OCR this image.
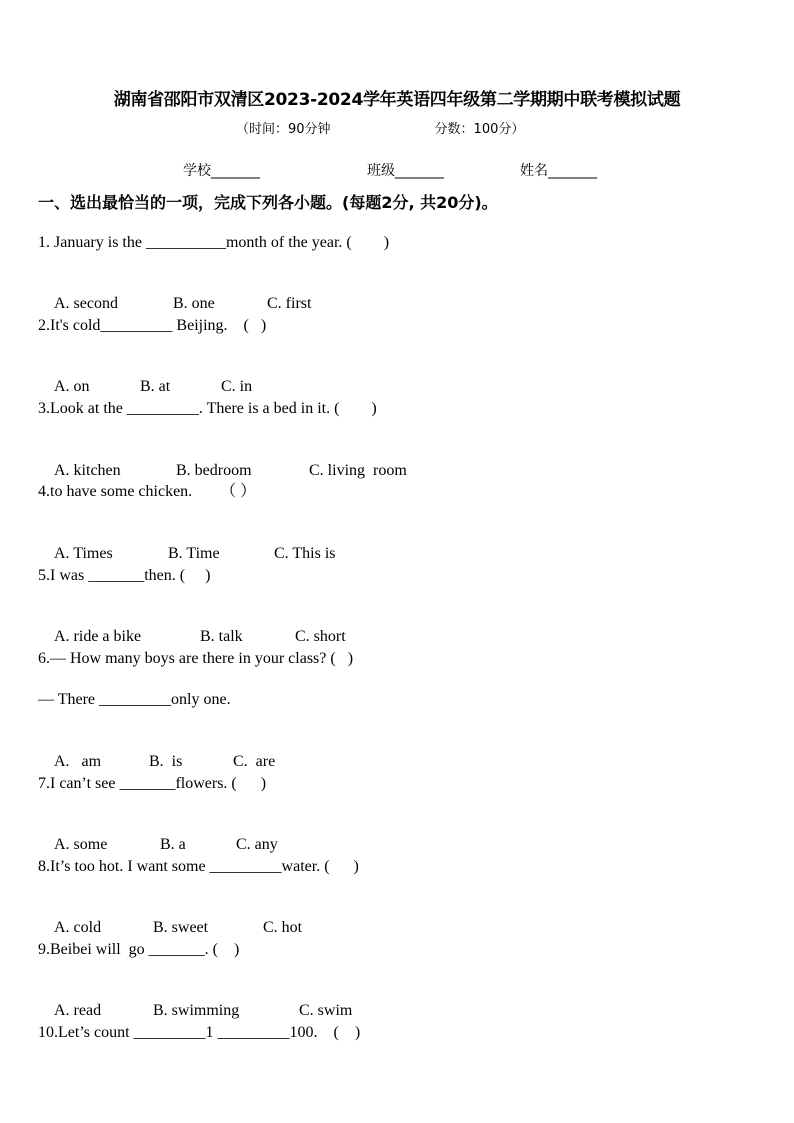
湖南省邵阳市双清区2023-2024学年英语四年级第二学期期中联考模拟试题
（时间：90分钟	分数：100分）
学校_______	班级_______	姓名_______
一、选出最恰当的一项，完成下列各小题。(每题2分, 共20分)。
1. January is the __________month of the year. (        )

A. second	B. one	C. first

2.It's cold_________ Beijing.    (   )

A. on	B. at	C. in

3.Look at the _________. There is a bed in it. (        )

A. kitchen	B. bedroom	C. living  room

4.to have some chicken.       （ ）

A. Times	B. Time	C. This is

5.I was _______then. (     )

A. ride a bike	B. talk	C. short

6.— How many boys are there in your class? (   )
— There _________only one.

A.   am	B.  is	C.  are

7.I can’t see _______flowers. (      )

A. some	B. a	C. any

8.It’s too hot. I want some _________water. (      )

A. cold	B. sweet	C. hot

9.Beibei will  go _______. (    )

A. read	B. swimming	C. swim

10.Let’s count _________1 _________100.    (    )
